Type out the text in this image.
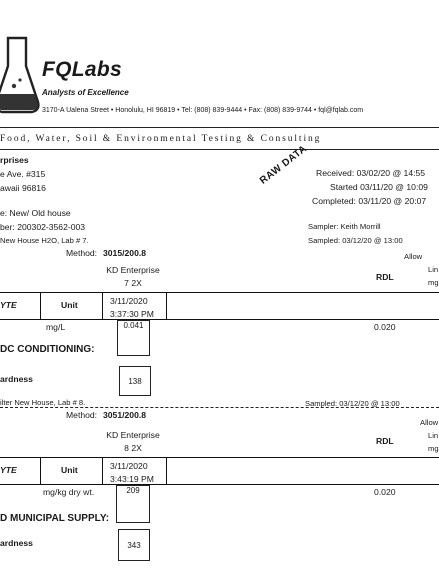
FQLabs
Analysts of Excellence
3170-A Ualena Street • Honolulu, HI 96819 • Tel: (808) 839-9444 • Fax: (808) 839-9744 • fql@fqlab.com
Food, Water, Soil & Environmental Testing & Consulting
rprises
e Ave. #315
awaii 96816
RAW DATA Received: 03/02/20 @ 14:55
Started 03/11/20 @ 10:09
Completed: 03/11/20 @ 20:07
e: New/ Old house
ber: 200302-3562-003	Sampler: Keith Morrill
New House H2O, Lab # 7.	Sampled: 03/12/20 @ 13:00
Method: 3015/200.8	Allow
KD Enterprise
7 2X
RDL
Lin
mg
YTE	Unit	3/11/2020
3:37:30 PM
mg/L	0.041	0.020
DC CONDITIONING:
ardness	138
ilter New House, Lab # 8.	Sampled: 03/12/20 @ 13:00
Method: 3051/200.8
Allow
KD Enterprise
8 2X
RDL
Lin
mg
YTE	Unit	3/11/2020
3:43:19 PM
mg/kg dry wt.	209	0.020
D MUNICIPAL SUPPLY:
ardness	343
